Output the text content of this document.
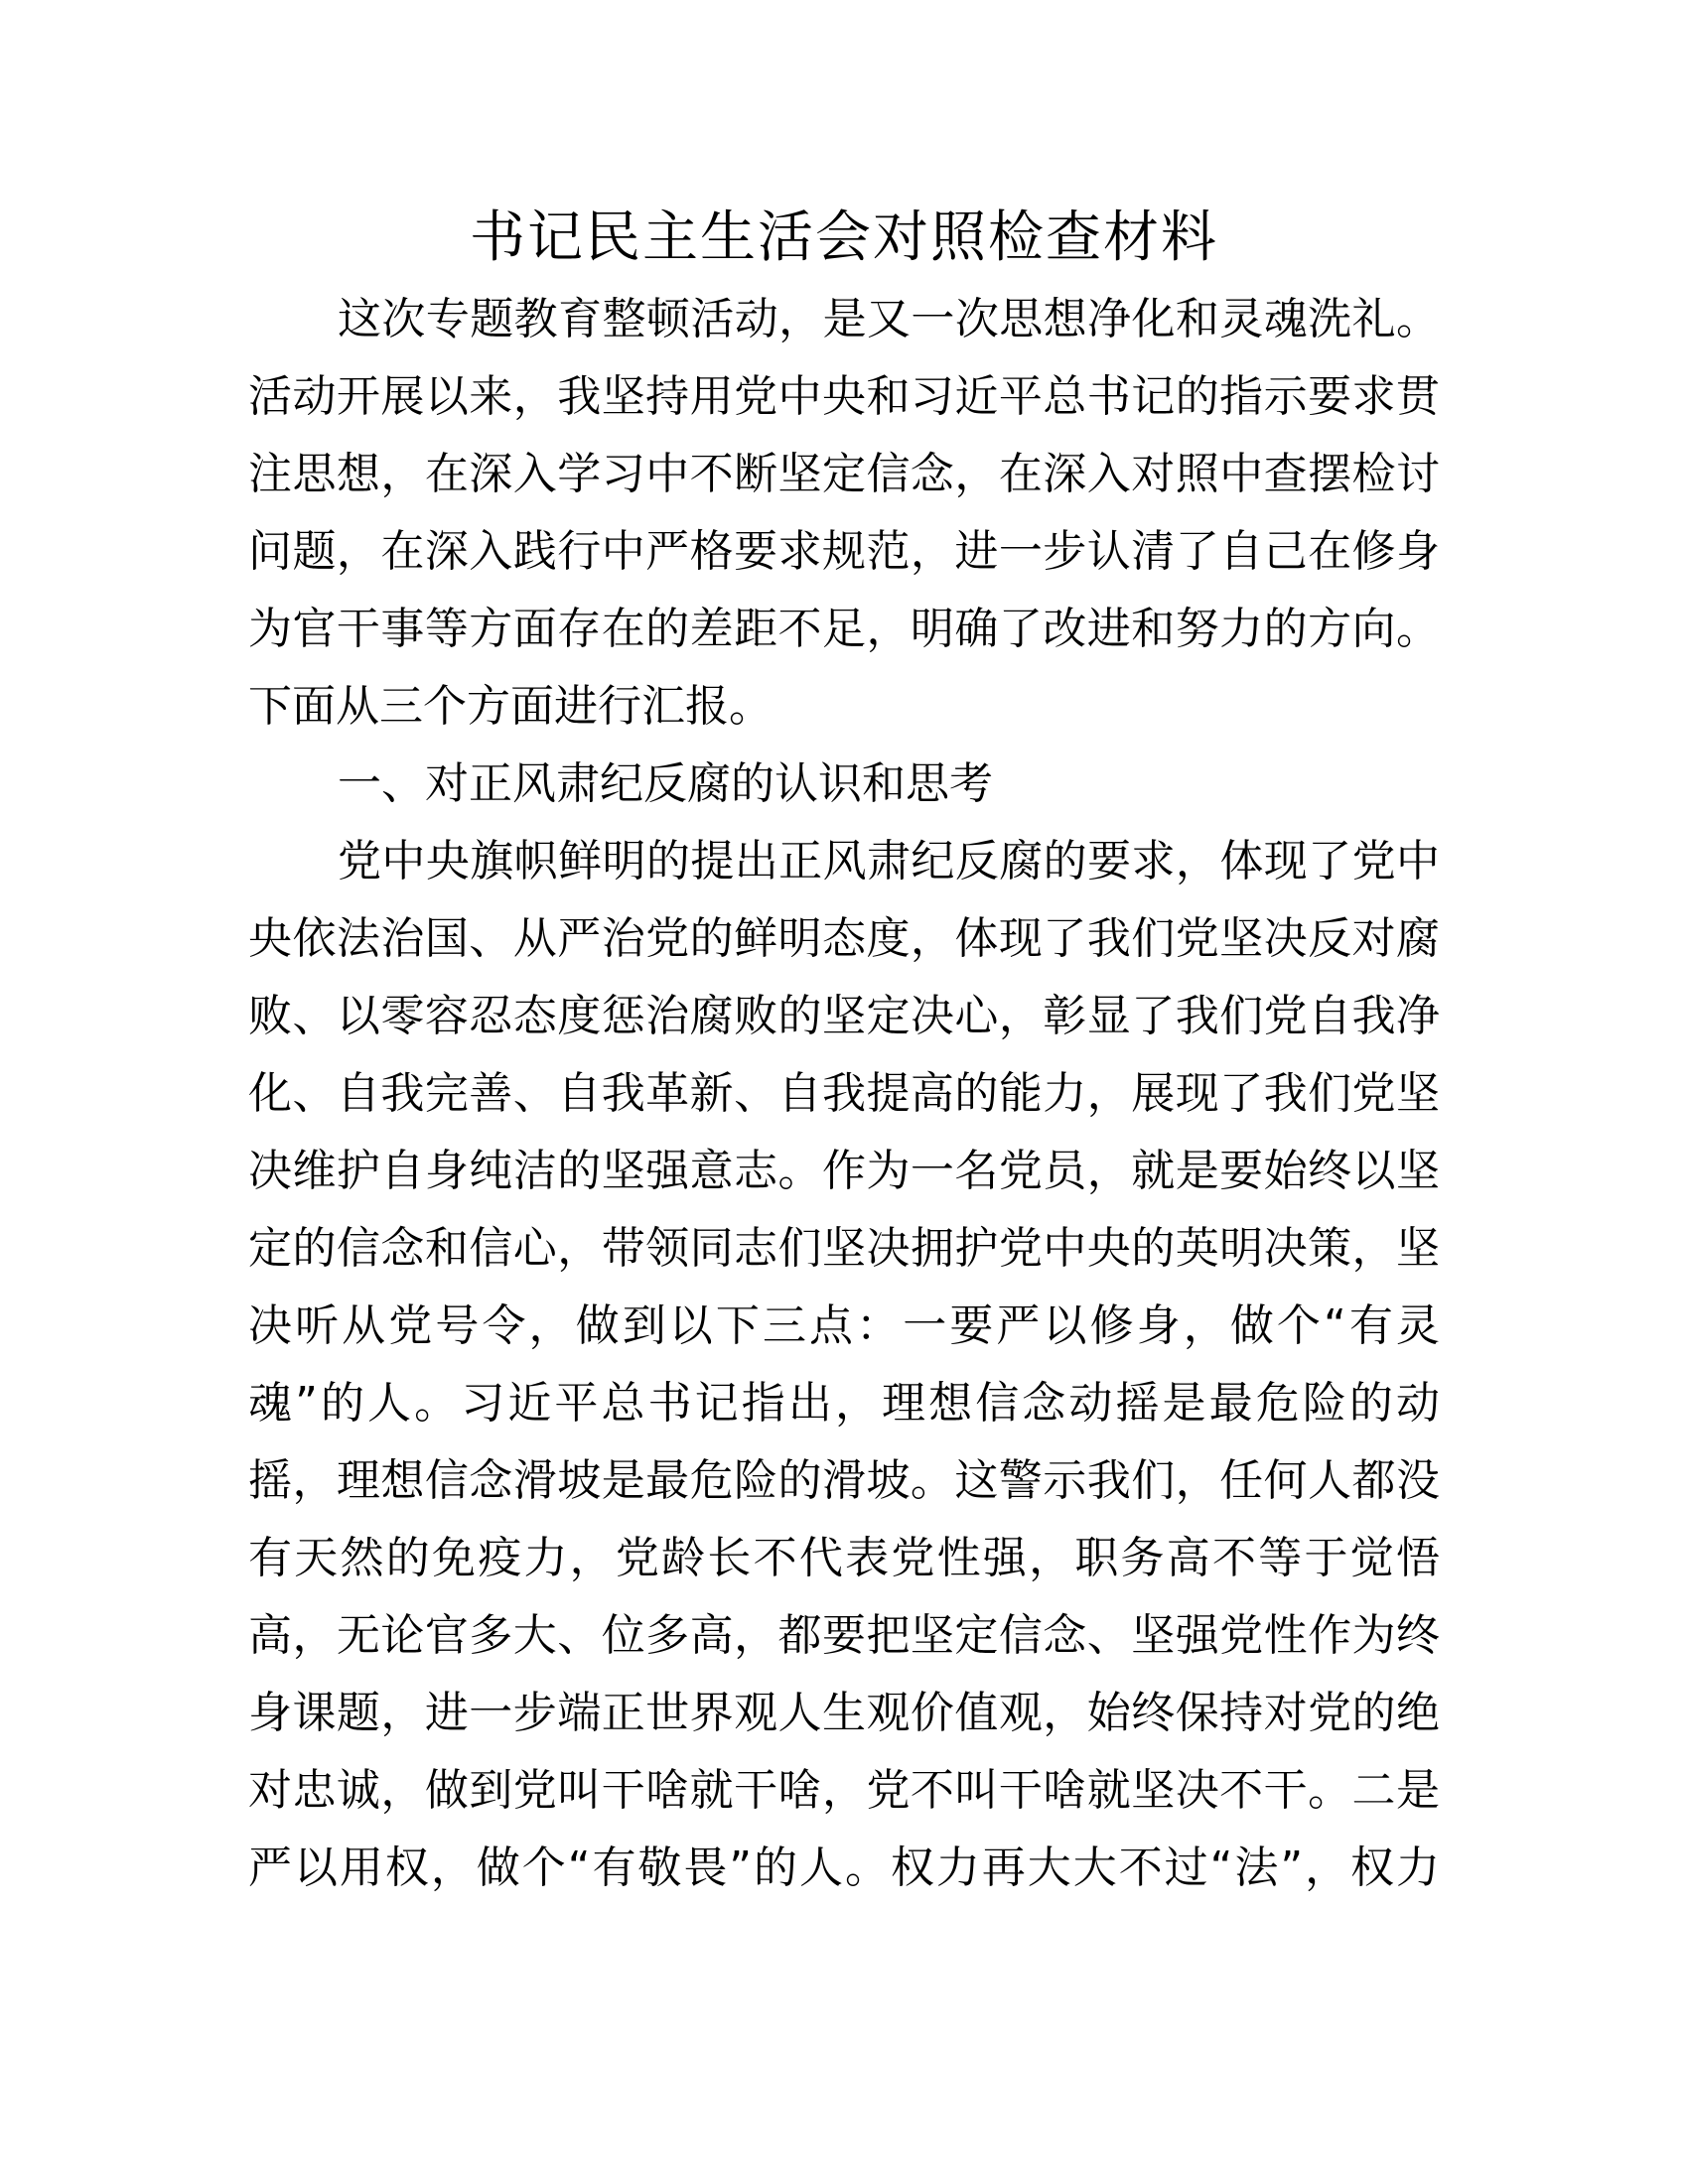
书记民主生活会对照检查材料
这次专题教育整顿活动，是又一次思想净化和灵魂洗礼。
活动开展以来，我坚持用党中央和习近平总书记的指示要求贯
注思想，在深入学习中不断坚定信念，在深入对照中查摆检讨
问题，在深入践行中严格要求规范，进一步认清了自己在修身
为官干事等方面存在的差距不足，明确了改进和努力的方向。
下面从三个方面进行汇报。
一、对正风肃纪反腐的认识和思考
党中央旗帜鲜明的提出正风肃纪反腐的要求，体现了党中
央依法治国、从严治党的鲜明态度，体现了我们党坚决反对腐
败、以零容忍态度惩治腐败的坚定决心，彰显了我们党自我净
化、自我完善、自我革新、自我提高的能力，展现了我们党坚
决维护自身纯洁的坚强意志。作为一名党员，就是要始终以坚
定的信念和信心，带领同志们坚决拥护党中央的英明决策，坚
决听从党号令，做到以下三点：一要严以修身，做个“有灵
魂”的人。习近平总书记指出，理想信念动摇是最危险的动
摇，理想信念滑坡是最危险的滑坡。这警示我们，任何人都没
有天然的免疫力，党龄长不代表党性强，职务高不等于觉悟
高，无论官多大、位多高，都要把坚定信念、坚强党性作为终
身课题，进一步端正世界观人生观价值观，始终保持对党的绝
对忠诚，做到党叫干啥就干啥，党不叫干啥就坚决不干。二是
严以用权，做个“有敬畏”的人。权力再大大不过“法”，权力
